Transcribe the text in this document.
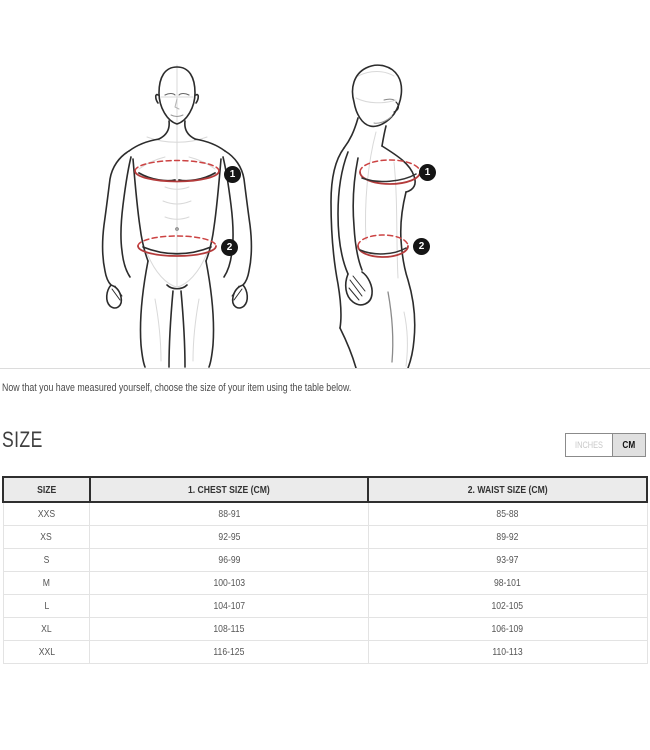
1
2
1
2
Now that you have measured yourself, choose the size of your item using the table below.
SIZE	INCHES CM
SIZE	1. CHEST SIZE (CM)	2. WAIST SIZE (CM)
XXS	88-91	85-88
XS	92-95	89-92
S	96-99	93-97
M	100-103	98-101
L	104-107	102-105
XL	108-115	106-109
XXL	116-125	110-113
